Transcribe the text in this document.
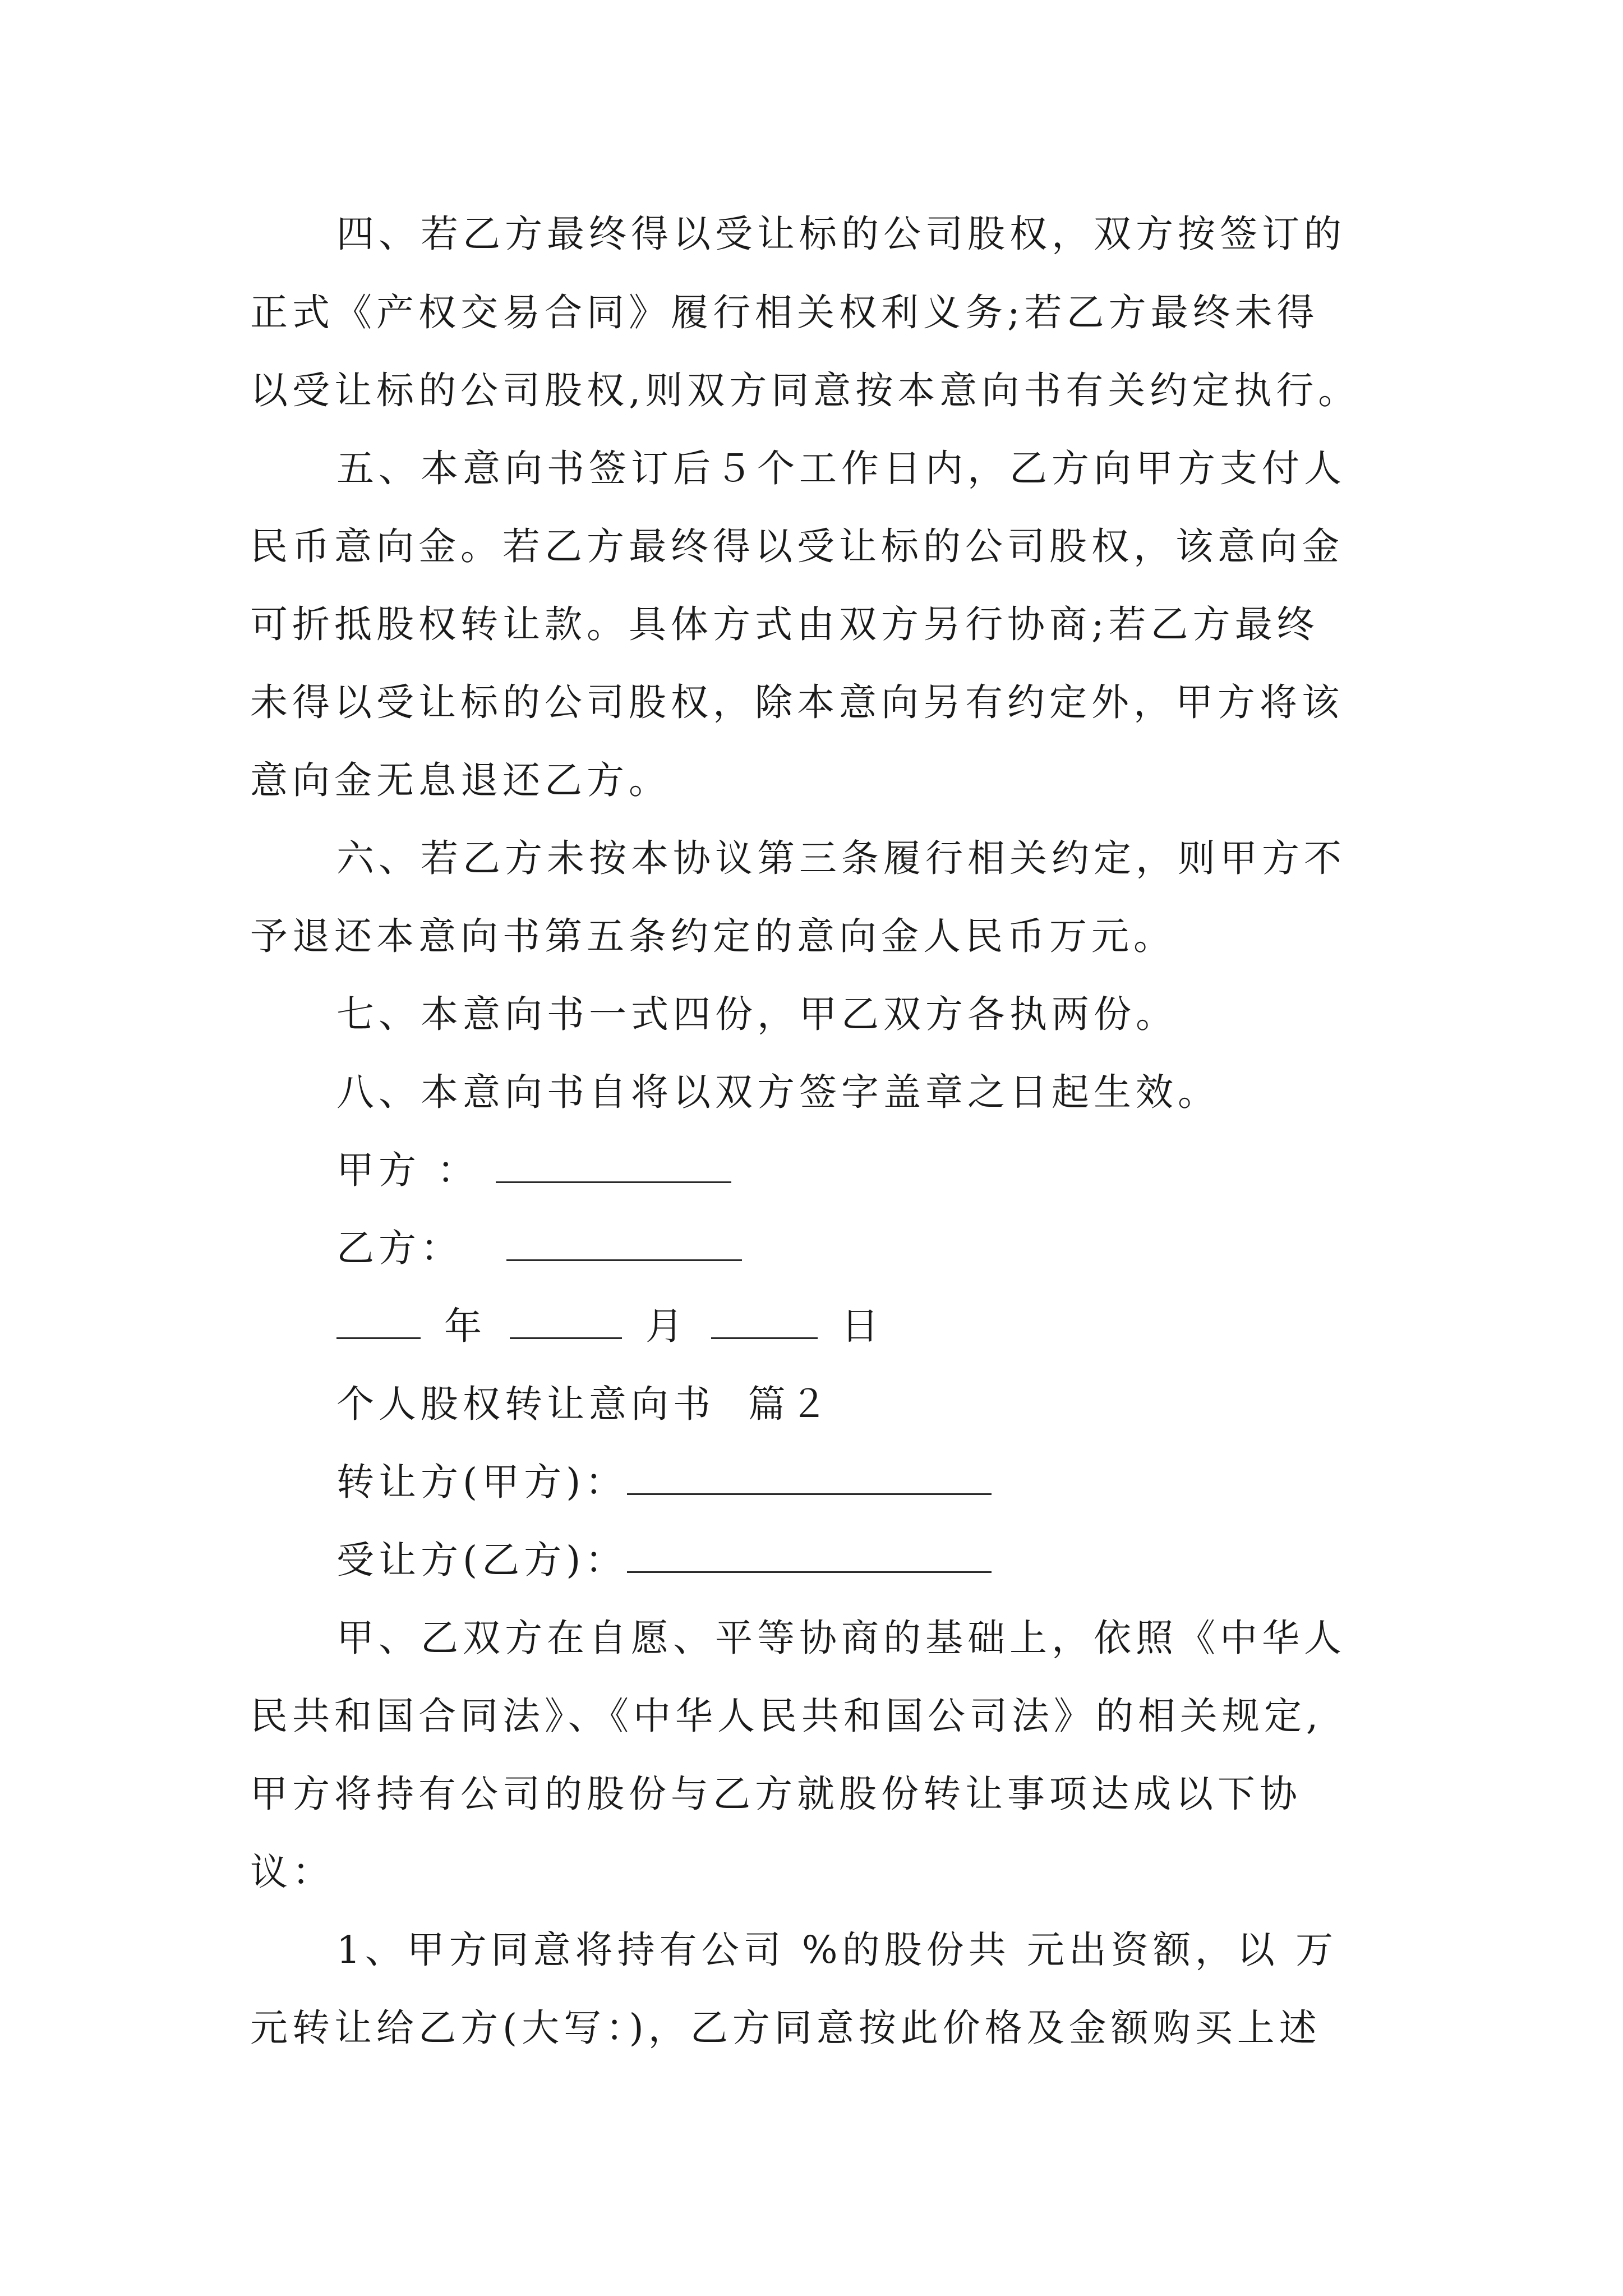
四、若乙方最终得以受让标的公司股权，双方按签订的
正式《产权交易合同》履行相关权利义务;若乙方最终未得
以受让标的公司股权,则双方同意按本意向书有关约定执行。
五、本意向书签订后５个工作日内，乙方向甲方支付人
民币意向金。若乙方最终得以受让标的公司股权，该意向金
可折抵股权转让款。具体方式由双方另行协商;若乙方最终
未得以受让标的公司股权，除本意向另有约定外，甲方将该
意向金无息退还乙方。
六、若乙方未按本协议第三条履行相关约定，则甲方不
予退还本意向书第五条约定的意向金人民币万元。
七、本意向书一式四份，甲乙双方各执两份。
八、本意向书自将以双方签字盖章之日起生效。
甲方 ：
乙方：
年	月	日
个人股权转让意向书  篇２
转让方(甲方)：
受让方(乙方)：
甲、乙双方在自愿、平等协商的基础上，依照《中华人
民共和国合同法》、《中华人民共和国公司法》的相关规定,
甲方将持有公司的股份与乙方就股份转让事项达成以下协
议：
1、甲方同意将持有公司 %的股份共 元出资额，以 万
元转让给乙方(大写：)，乙方同意按此价格及金额购买上述
